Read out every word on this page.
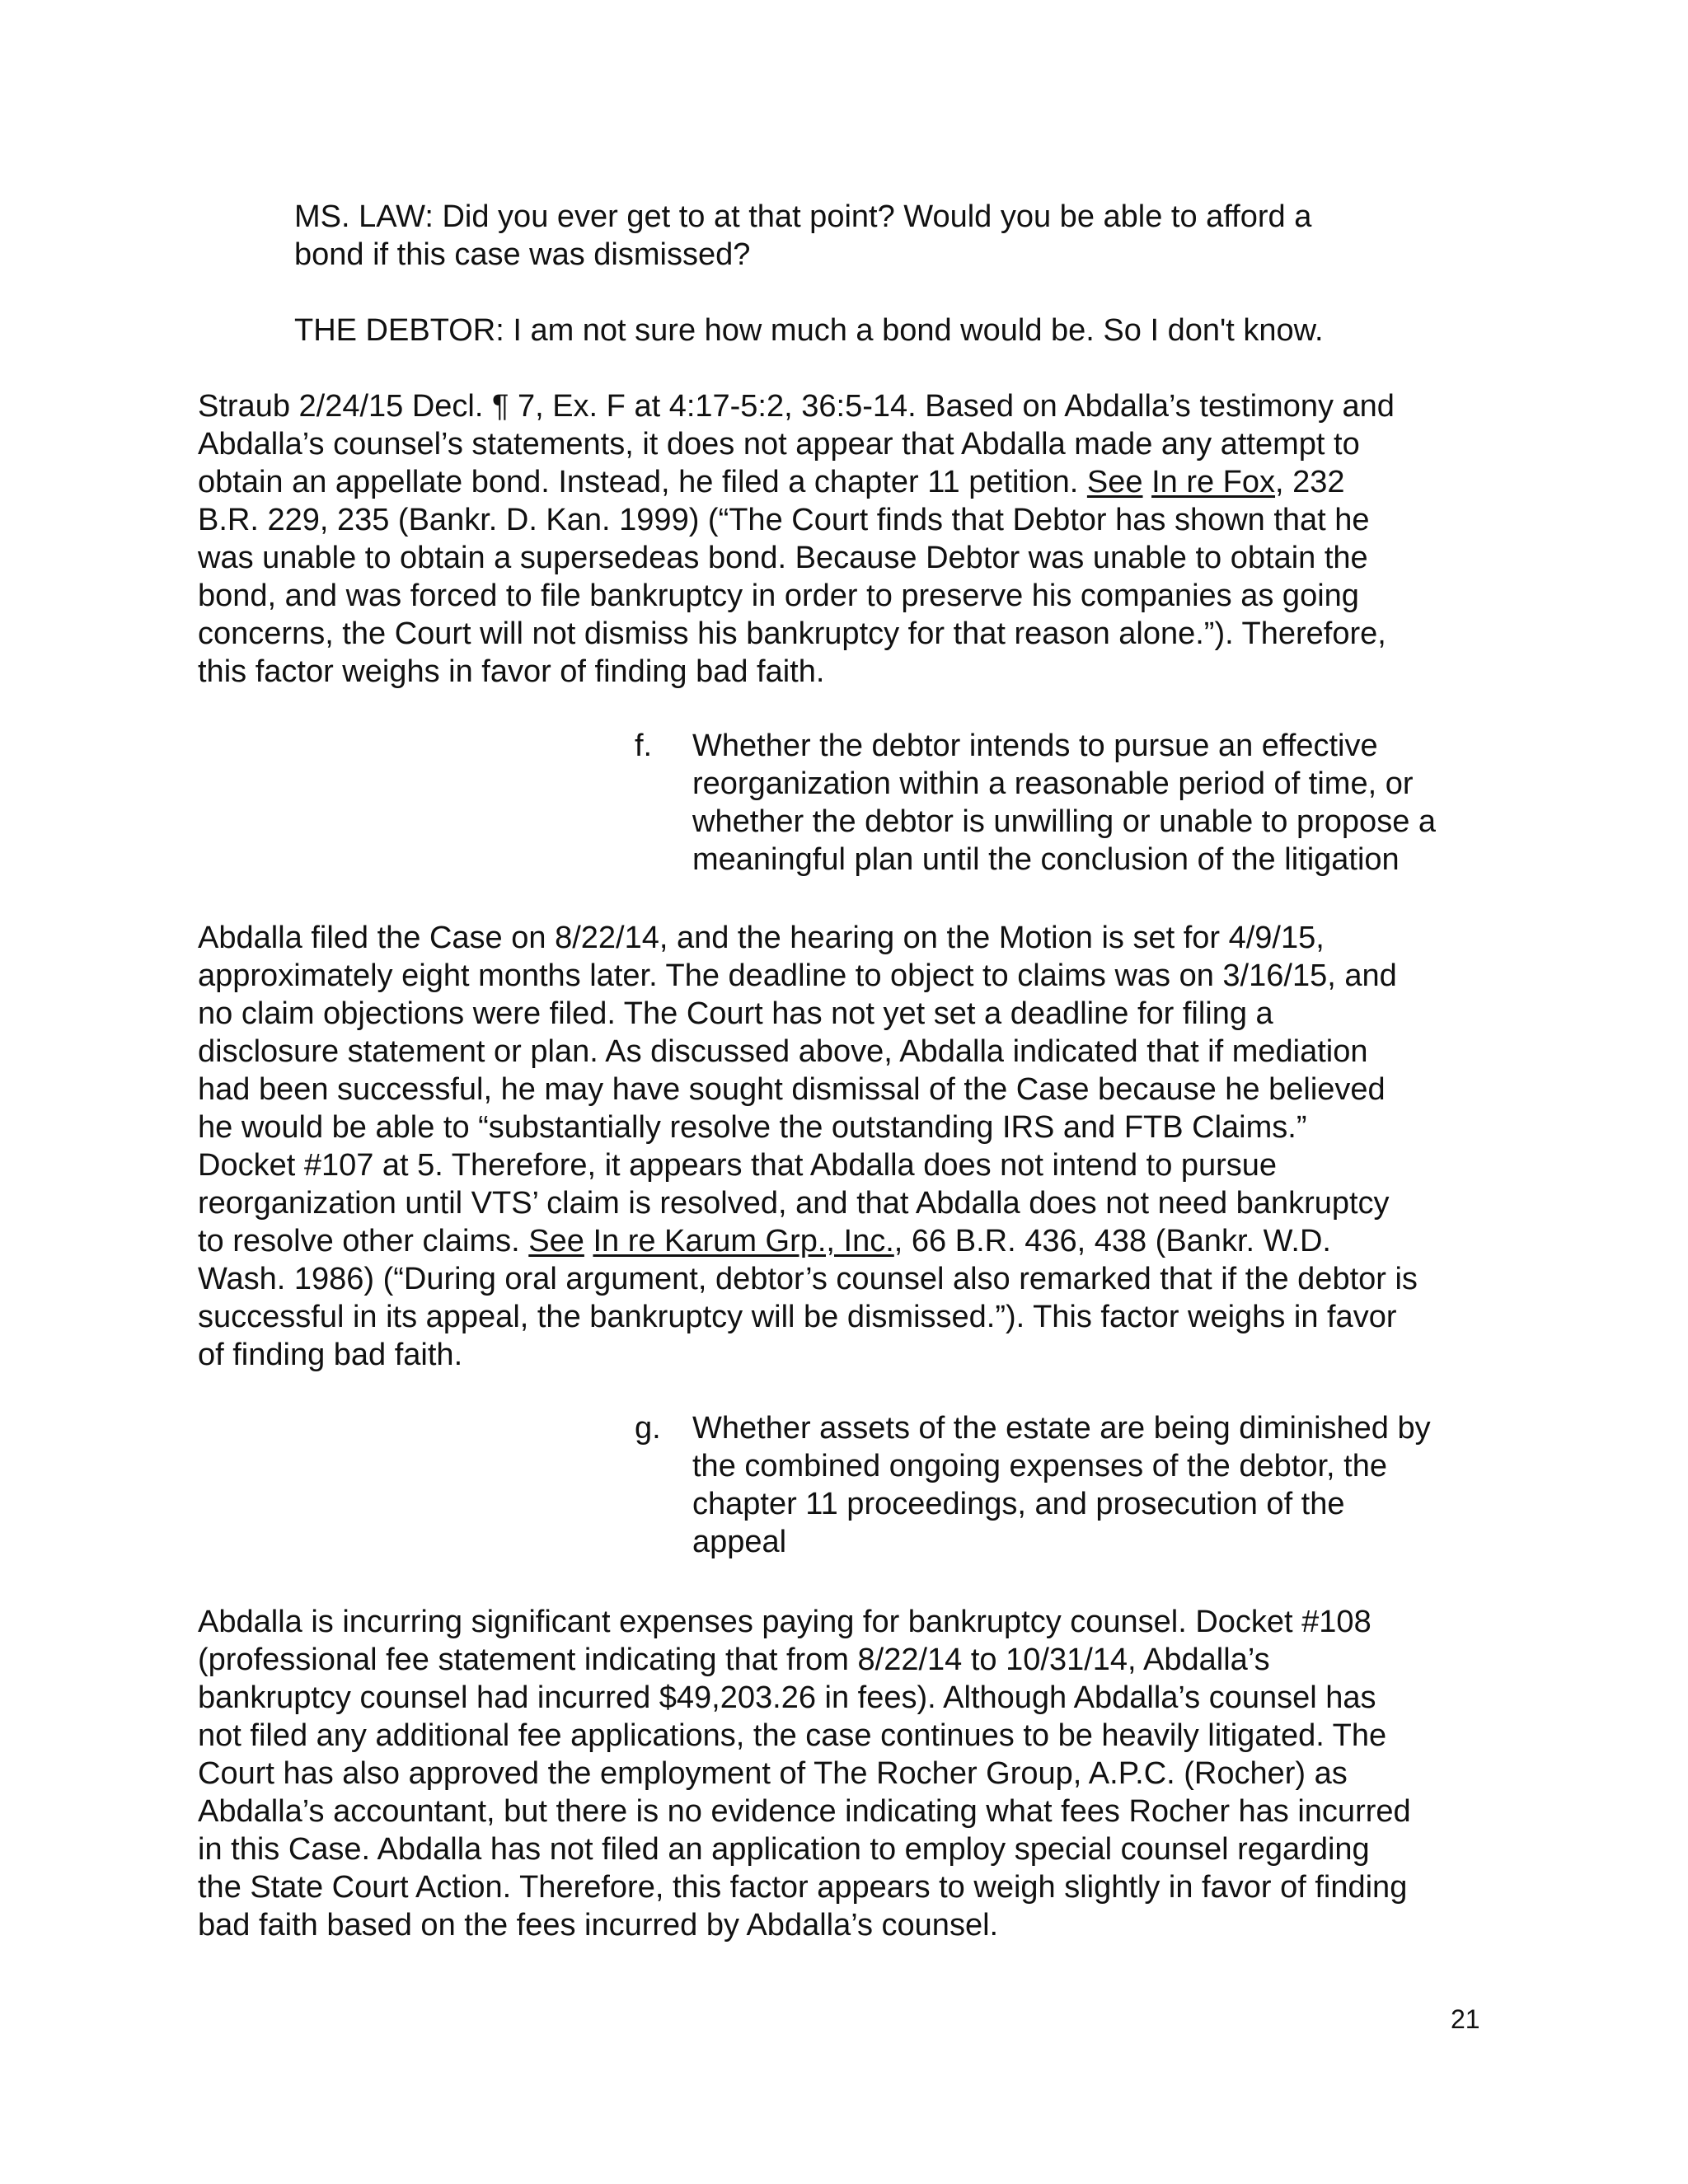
MS. LAW: Did you ever get to at that point? Would you be able to afford a
bond if this case was dismissed?
THE DEBTOR: I am not sure how much a bond would be. So I don't know.
Straub 2/24/15 Decl. ¶ 7, Ex. F at 4:17-5:2, 36:5-14. Based on Abdalla’s testimony and
Abdalla’s counsel’s statements, it does not appear that Abdalla made any attempt to
obtain an appellate bond. Instead, he filed a chapter 11 petition. See In re Fox, 232
B.R. 229, 235 (Bankr. D. Kan. 1999) (“The Court finds that Debtor has shown that he
was unable to obtain a supersedeas bond. Because Debtor was unable to obtain the
bond, and was forced to file bankruptcy in order to preserve his companies as going
concerns, the Court will not dismiss his bankruptcy for that reason alone.”). Therefore,
this factor weighs in favor of finding bad faith.
f. Whether the debtor intends to pursue an effective
reorganization within a reasonable period of time, or
whether the debtor is unwilling or unable to propose a
meaningful plan until the conclusion of the litigation
Abdalla filed the Case on 8/22/14, and the hearing on the Motion is set for 4/9/15,
approximately eight months later. The deadline to object to claims was on 3/16/15, and
no claim objections were filed. The Court has not yet set a deadline for filing a
disclosure statement or plan. As discussed above, Abdalla indicated that if mediation
had been successful, he may have sought dismissal of the Case because he believed
he would be able to “substantially resolve the outstanding IRS and FTB Claims.”
Docket #107 at 5. Therefore, it appears that Abdalla does not intend to pursue
reorganization until VTS’ claim is resolved, and that Abdalla does not need bankruptcy
to resolve other claims. See In re Karum Grp., Inc., 66 B.R. 436, 438 (Bankr. W.D.
Wash. 1986) (“During oral argument, debtor’s counsel also remarked that if the debtor is
successful in its appeal, the bankruptcy will be dismissed.”). This factor weighs in favor
of finding bad faith.
g. Whether assets of the estate are being diminished by
the combined ongoing expenses of the debtor, the
chapter 11 proceedings, and prosecution of the
appeal
Abdalla is incurring significant expenses paying for bankruptcy counsel. Docket #108
(professional fee statement indicating that from 8/22/14 to 10/31/14, Abdalla’s
bankruptcy counsel had incurred $49,203.26 in fees). Although Abdalla’s counsel has
not filed any additional fee applications, the case continues to be heavily litigated. The
Court has also approved the employment of The Rocher Group, A.P.C. (Rocher) as
Abdalla’s accountant, but there is no evidence indicating what fees Rocher has incurred
in this Case. Abdalla has not filed an application to employ special counsel regarding
the State Court Action. Therefore, this factor appears to weigh slightly in favor of finding
bad faith based on the fees incurred by Abdalla’s counsel.
21
